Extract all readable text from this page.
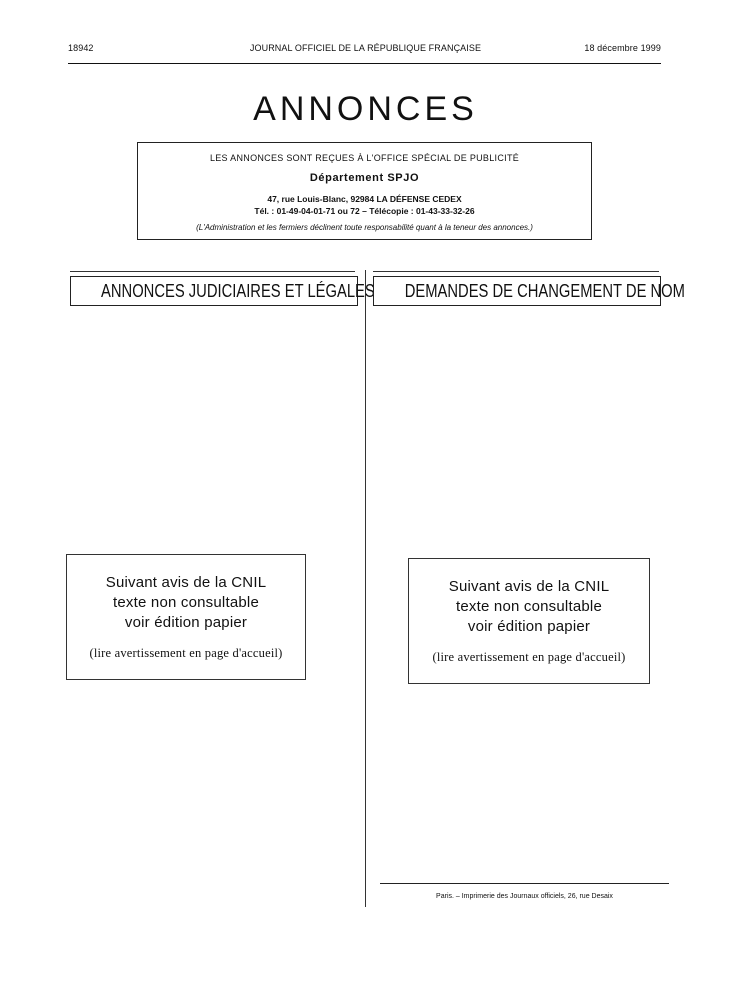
18942	JOURNAL OFFICIEL DE LA RÉPUBLIQUE FRANÇAISE	18 décembre 1999
ANNONCES
LES ANNONCES SONT REÇUES À L'OFFICE SPÉCIAL DE PUBLICITÉ
Département SPJO
47, rue Louis-Blanc, 92984 LA DÉFENSE CEDEX
Tél. : 01-49-04-01-71 ou 72 – Télécopie : 01-43-33-32-26
(L'Administration et les fermiers déclinent toute responsabilité quant à la teneur des annonces.)
ANNONCES JUDICIAIRES ET LÉGALES	DEMANDES DE CHANGEMENT DE NOM
Suivant avis de la CNIL
texte non consultable
voir édition papier
(lire avertissement en page d'accueil)
Suivant avis de la CNIL
texte non consultable
voir édition papier
(lire avertissement en page d'accueil)
Paris. – Imprimerie des Journaux officiels, 26, rue Desaix
